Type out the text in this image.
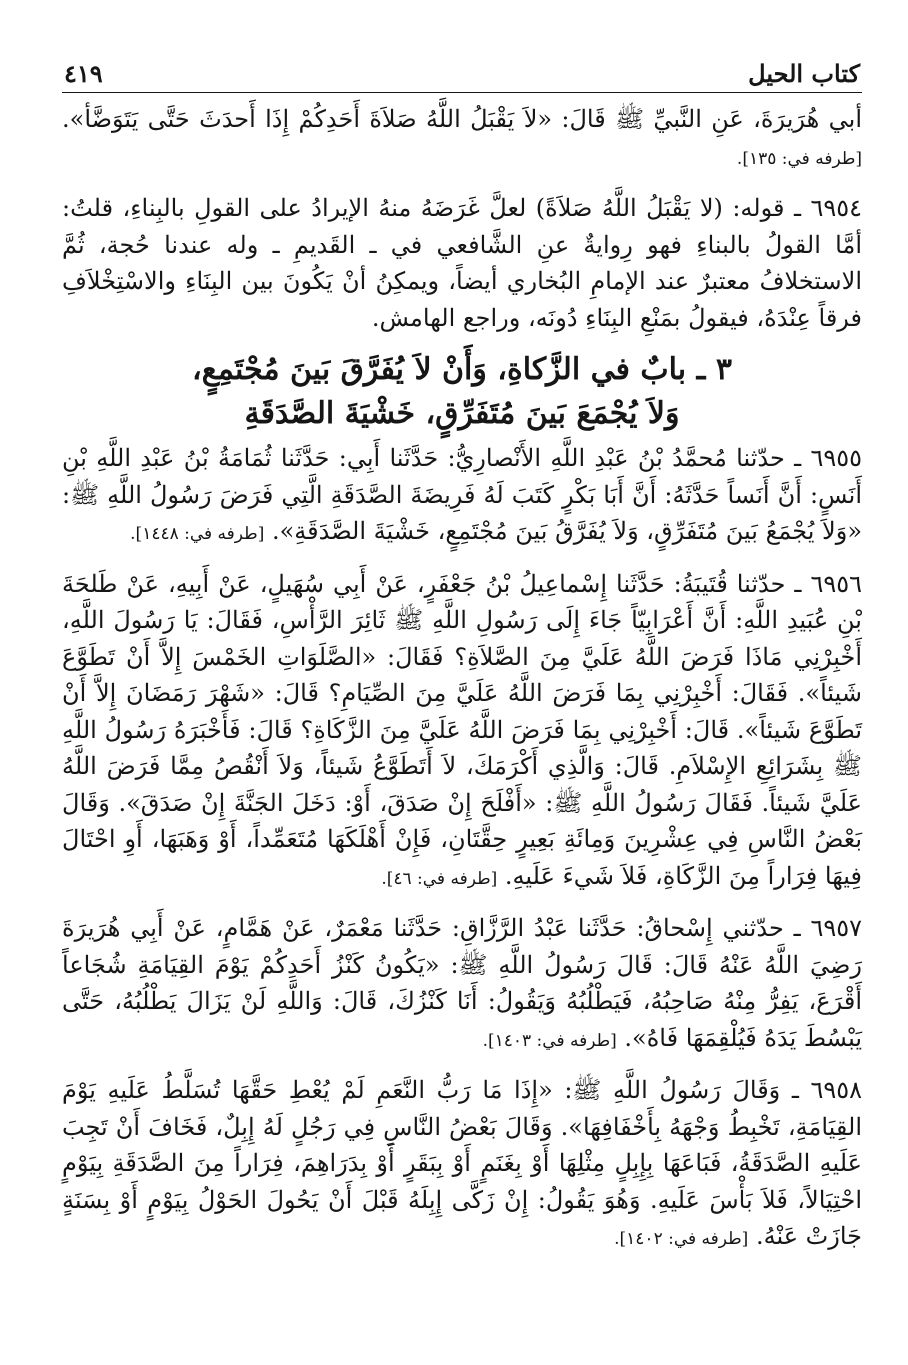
كتاب الحيل
٤١٩

أبي هُرَيرَةَ، عَنِ النَّبيِّ ﷺ قَالَ: «لاَ يَقْبَلُ اللَّهُ صَلاَةَ أَحَدِكُمْ إِذَا أَحدَثَ حَتَّى يَتَوَضَّأ». [طرفه في: ١٣٥].

٦٩٥٤ ـ قوله: (لا يَقْبَلُ اللَّهُ صَلاَةً) لعلَّ غَرَضَهُ منهُ الإيرادُ على القولِ بالبِناءِ، قلتُ: أمَّا القولُ بالبناءِ فهو رِوايةٌ عنِ الشَّافعي في ـ القَديمِ ـ وله عندنا حُجة، ثُمَّ الاستخلافُ معتبرٌ عند الإمامِ البُخاري أيضاً، ويمكِنُ أنْ يَكُونَ بين البِنَاءِ والاسْتِخْلاَفِ فرقاً عِنْدَهُ، فيقولُ بمَنْعِ البِنَاءِ دُونَه، وراجع الهامش.

٣ ـ بابٌ في الزَّكاةِ، وَأَنْ لاَ يُفَرَّقَ بَينَ مُجْتَمِعٍ،
وَلاَ يُجْمَعَ بَينَ مُتَفَرِّقٍ، خَشْيَةَ الصَّدَقَةِ

٦٩٥٥ ـ حدّثنا مُحمَّدُ بْنُ عَبْدِ اللَّهِ الأَنْصارِيُّ: حَدَّثَنا أَبِي: حَدَّثَنا ثُمَامَةُ بْنُ عَبْدِ اللَّهِ بْنِ أَنَسٍ: أَنَّ أَنَساً حَدَّثَهُ: أَنَّ أَبَا بَكْرٍ كَتَبَ لَهُ فَرِيضَةَ الصَّدَقَةِ الَّتِي فَرَضَ رَسُولُ اللَّهِ ﷺ: «وَلاَ يُجْمَعُ بَينَ مُتَفَرِّقٍ، وَلاَ يُفَرَّقُ بَينَ مُجْتَمِعٍ، خَشْيَةَ الصَّدَقَةِ». [طرفه في: ١٤٤٨].

٦٩٥٦ ـ حدّثنا قُتَيبَةُ: حَدَّثَنا إِسْماعِيلُ بْنُ جَعْفَرٍ، عَنْ أَبِي سُهَيلٍ، عَنْ أَبِيهِ، عَنْ طَلحَةَ بْنِ عُبَيدِ اللَّهِ: أَنَّ أَعْرَابِيّاً جَاءَ إِلَى رَسُولِ اللَّهِ ﷺ ثَائِرَ الرَّأْسِ، فَقَالَ: يَا رَسُولَ اللَّهِ، أَخْبِرْنِي مَاذَا فَرَضَ اللَّهُ عَلَيَّ مِنَ الصَّلاَةِ؟ فَقَالَ: «الصَّلَوَاتِ الخَمْسَ إِلاَّ أَنْ تَطَوَّعَ شَيئاً». فَقَالَ: أَخْبِرْنِي بِمَا فَرَضَ اللَّهُ عَلَيَّ مِنَ الصِّيَامِ؟ قَالَ: «شَهْرَ رَمَضَانَ إِلاَّ أَنْ تَطَوَّعَ شَيئاً». قَالَ: أَخْبِرْنِي بِمَا فَرَضَ اللَّهُ عَلَيَّ مِنَ الزَّكَاةِ؟ قَالَ: فَأَخْبَرَهُ رَسُولُ اللَّهِ ﷺ بِشَرَائِعِ الإِسْلاَمِ. قَالَ: وَالَّذِي أَكْرَمَكَ، لاَ أَتَطَوَّعُ شَيئاً، وَلاَ أَنْقُصُ مِمَّا فَرَضَ اللَّهُ عَلَيَّ شَيئاً. فَقَالَ رَسُولُ اللَّهِ ﷺ: «أَفْلَحَ إِنْ صَدَقَ، أَوْ: دَخَلَ الجَنَّةَ إِنْ صَدَقَ». وَقَالَ بَعْضُ النَّاسِ فِي عِشْرِينَ وَمِائَةِ بَعِيرٍ حِقَّتَانِ، فَإِنْ أَهْلَكَهَا مُتَعَمِّداً، أَوْ وَهَبَهَا، أَوِ احْتَالَ فِيهَا فِرَاراً مِنَ الزَّكَاةِ، فَلاَ شَيءَ عَلَيهِ. [طرفه في: ٤٦].

٦٩٥٧ ـ حدّثني إِسْحاقُ: حَدَّثَنا عَبْدُ الرَّزَّاقِ: حَدَّثَنا مَعْمَرٌ، عَنْ هَمَّامٍ، عَنْ أَبِي هُرَيرَةَ رَضِيَ اللَّهُ عَنْهُ قَالَ: قَالَ رَسُولُ اللَّهِ ﷺ: «يَكُونُ كَنْزُ أَحَدِكُمْ يَوْمَ القِيَامَةِ شُجَاعاً أَقْرَعَ، يَفِرُّ مِنْهُ صَاحِبُهُ، فَيَطْلُبُهُ وَيَقُولُ: أَنَا كَنْزُكَ، قَالَ: وَاللَّهِ لَنْ يَزَالَ يَطْلُبُهُ، حَتَّى يَبْسُطَ يَدَهُ فَيُلْقِمَهَا فَاهُ». [طرفه في: ١٤٠٣].

٦٩٥٨ ـ وَقَالَ رَسُولُ اللَّهِ ﷺ: «إِذَا مَا رَبُّ النَّعَمِ لَمْ يُعْطِ حَقَّهَا تُسَلَّطُ عَلَيهِ يَوْمَ القِيَامَةِ، تَخْبِطُ وَجْهَهُ بِأَخْفَافِهَا». وَقَالَ بَعْضُ النَّاسِ فِي رَجُلٍ لَهُ إِبِلٌ، فَخَافَ أَنْ تَجِبَ عَلَيهِ الصَّدَقَةُ، فَبَاعَهَا بِإِبِلٍ مِثْلِهَا أَوْ بِغَنَمٍ أَوْ بِبَقَرٍ أَوْ بِدَرَاهِمَ، فِرَاراً مِنَ الصَّدَقَةِ بِيَوْمٍ احْتِيَالاً، فَلاَ بَأْسَ عَلَيهِ. وَهُوَ يَقُولُ: إِنْ زَكَّى إِبِلَهُ قَبْلَ أَنْ يَحُولَ الحَوْلُ بِيَوْمٍ أَوْ بِسَنَةٍ جَازَتْ عَنْهُ. [طرفه في: ١٤٠٢].
